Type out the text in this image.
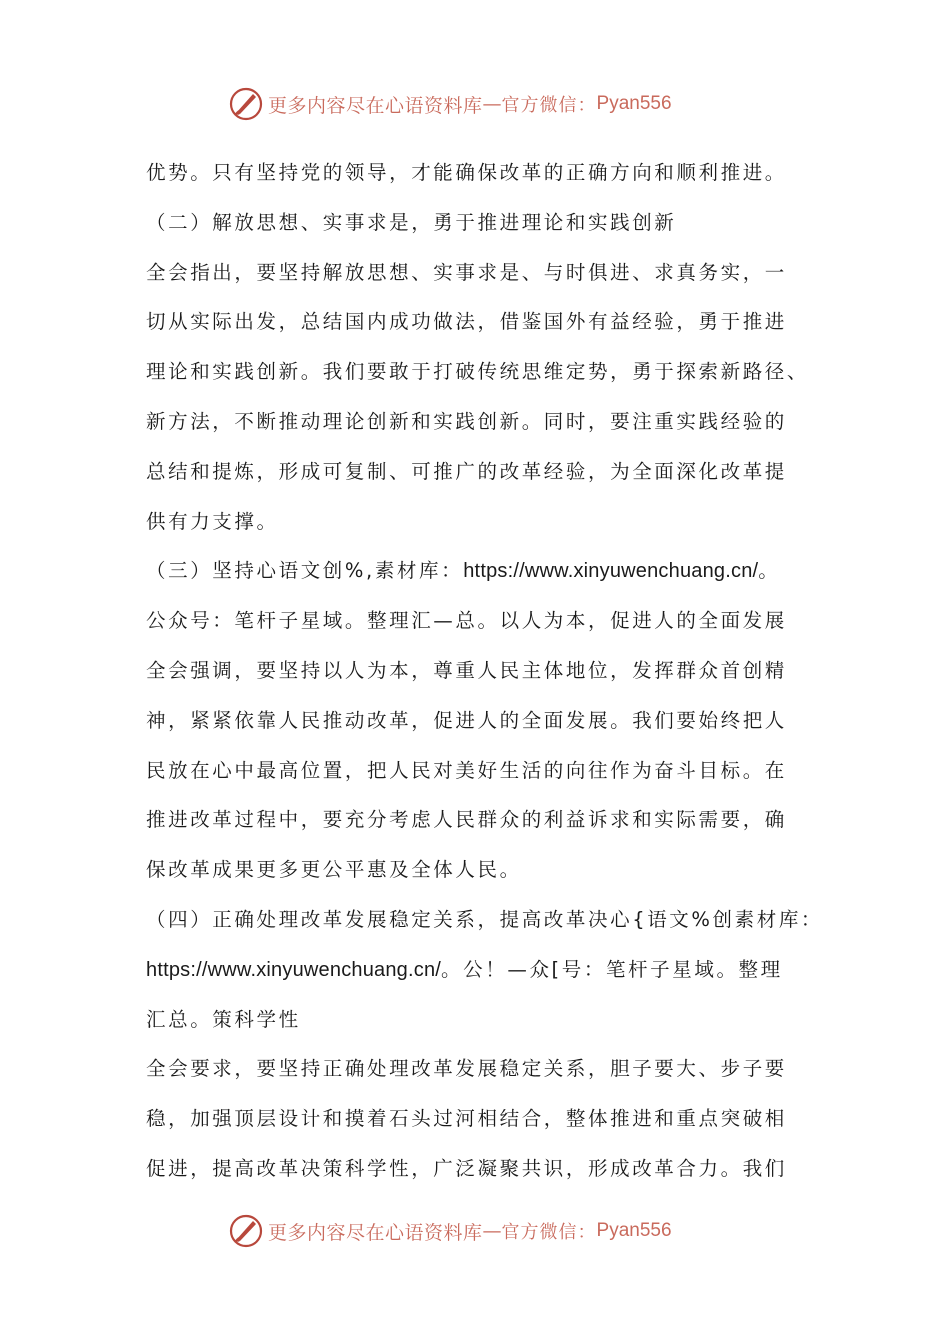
更多内容尽在心语资料库 — 官方微信： Pyan556
优势。只有坚持党的领导，才能确保改革的正确方向和顺利推进。
（二）解放思想、实事求是，勇于推进理论和实践创新
全会指出，要坚持解放思想、实事求是、与时俱进、求真务实，一
切从实际出发，总结国内成功做法，借鉴国外有益经验，勇于推进
理论和实践创新。我们要敢于打破传统思维定势，勇于探索新路径、
新方法，不断推动理论创新和实践创新。同时，要注重实践经验的
总结和提炼，形成可复制、可推广的改革经验，为全面深化改革提
供有力支撑。
（三）坚持心语文创%,素材库：https://www.xinyuwenchuang.cn/。
公众号：笔杆子星域。整理汇—总。以人为本，促进人的全面发展
全会强调，要坚持以人为本，尊重人民主体地位，发挥群众首创精
神，紧紧依靠人民推动改革，促进人的全面发展。我们要始终把人
民放在心中最高位置，把人民对美好生活的向往作为奋斗目标。在
推进改革过程中，要充分考虑人民群众的利益诉求和实际需要，确
保改革成果更多更公平惠及全体人民。
（四）正确处理改革发展稳定关系，提高改革决心{语文%创素材库：
https://www.xinyuwenchuang.cn/。公！—众[号：笔杆子星域。整理
汇总。策科学性
全会要求，要坚持正确处理改革发展稳定关系，胆子要大、步子要
稳，加强顶层设计和摸着石头过河相结合，整体推进和重点突破相
促进，提高改革决策科学性，广泛凝聚共识，形成改革合力。我们
更多内容尽在心语资料库 — 官方微信： Pyan556
